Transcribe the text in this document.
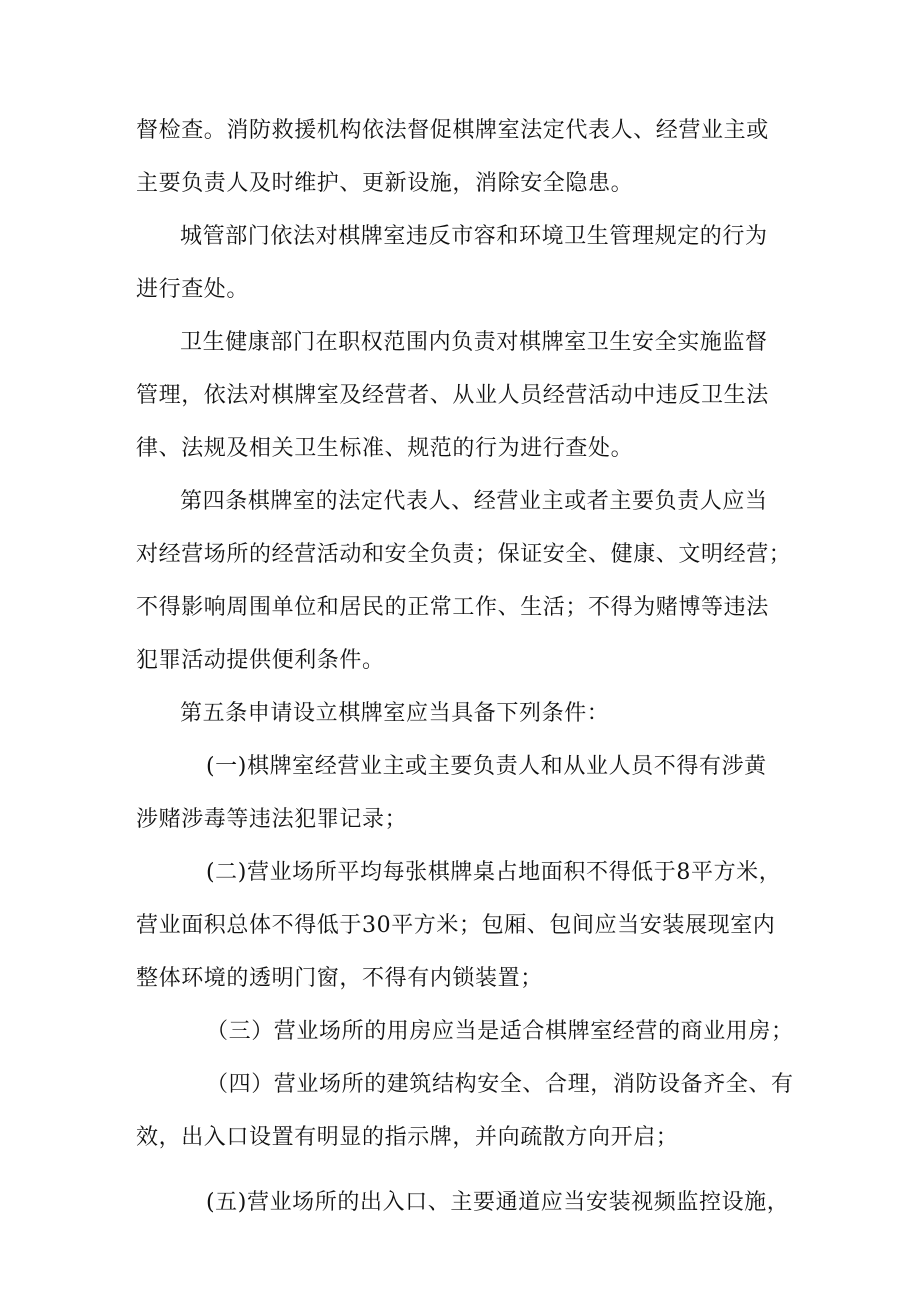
督检查。消防救援机构依法督促棋牌室法定代表人、经营业主或
主要负责人及时维护、更新设施，消除安全隐患。
城管部门依法对棋牌室违反市容和环境卫生管理规定的行为
进行查处。
卫生健康部门在职权范围内负责对棋牌室卫生安全实施监督
管理，依法对棋牌室及经营者、从业人员经营活动中违反卫生法
律、法规及相关卫生标准、规范的行为进行查处。
第四条棋牌室的法定代表人、经营业主或者主要负责人应当
对经营场所的经营活动和安全负责；保证安全、健康、文明经营；
不得影响周围单位和居民的正常工作、生活；不得为赌博等违法
犯罪活动提供便利条件。
第五条申请设立棋牌室应当具备下列条件：
(一)棋牌室经营业主或主要负责人和从业人员不得有涉黄
涉赌涉毒等违法犯罪记录；
(二)营业场所平均每张棋牌桌占地面积不得低于8平方米，
营业面积总体不得低于30平方米；包厢、包间应当安装展现室内
整体环境的透明门窗，不得有内锁装置；
（三）营业场所的用房应当是适合棋牌室经营的商业用房；
（四）营业场所的建筑结构安全、合理，消防设备齐全、有
效，出入口设置有明显的指示牌，并向疏散方向开启；
(五)营业场所的出入口、主要通道应当安装视频监控设施，
